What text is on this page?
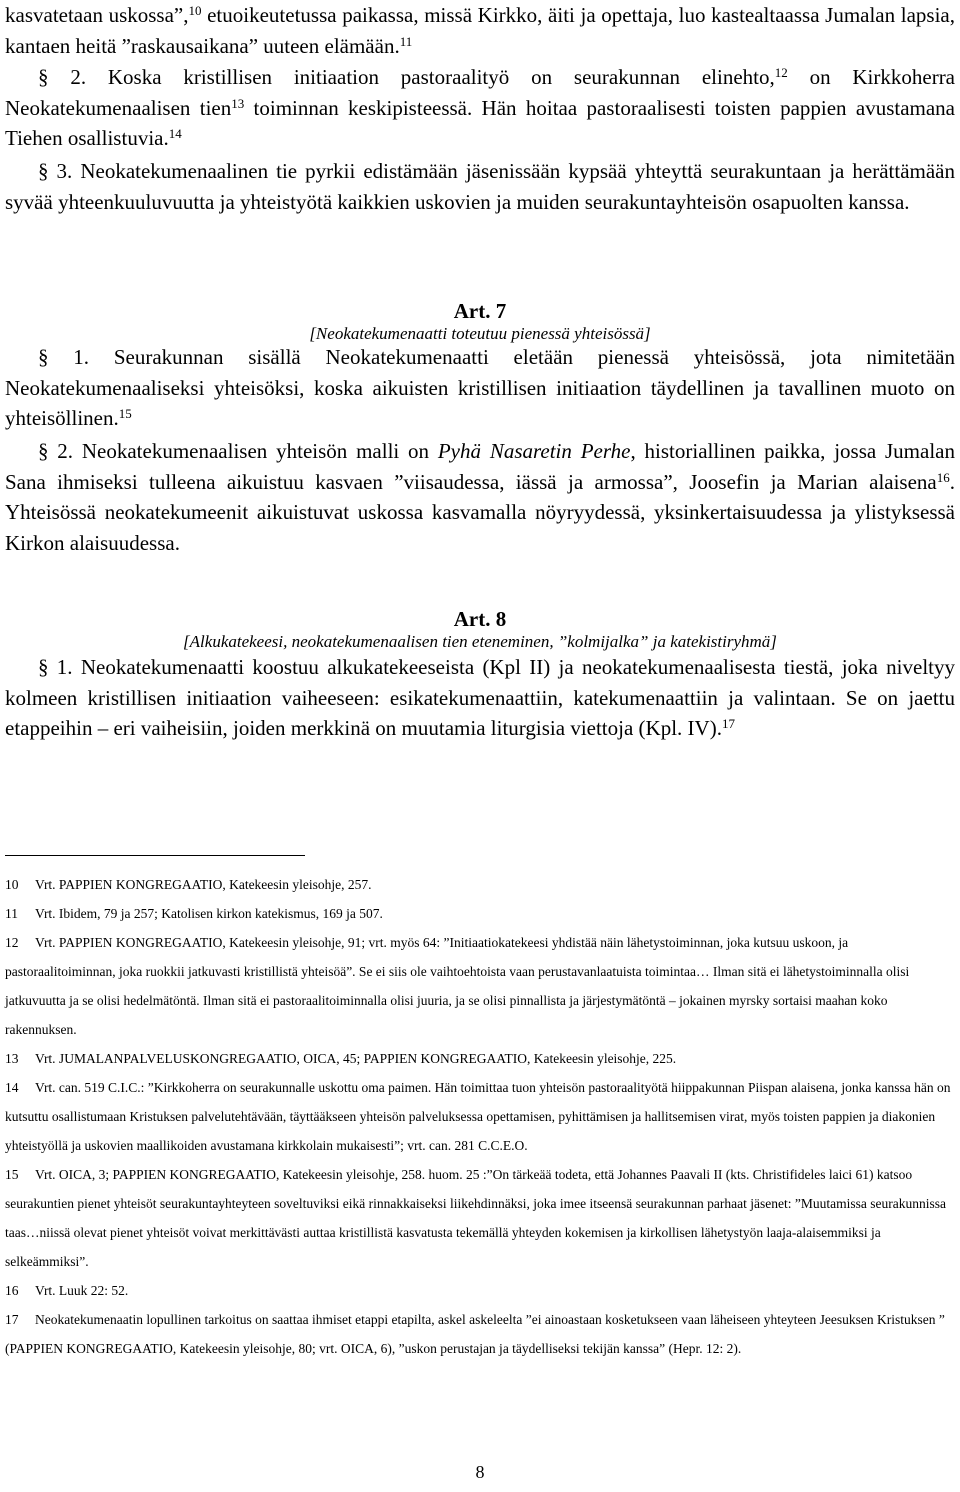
kasvatetaan uskossa”,$^{10}$ etuoikeutetussa paikassa, missä Kirkko, äiti ja opettaja, luo kastealtaassa Jumalan lapsia, kantaen heitä ”raskausaikana” uuteen elämään.$^{11}$

§ 2. Koska kristillisen initiaation pastoraalityö on seurakunnan elinehto,$^{12}$ on Kirkkoherra Neokatekumenaalisen tien$^{13}$ toiminnan keskipisteessä. Hän hoitaa pastoraalisesti toisten pappien avustamana Tiehen osallistuvia.$^{14}$

§ 3. Neokatekumenaalinen tie pyrkii edistämään jäsenissään kypsää yhteyttä seurakuntaan ja herättämään syvää yhteenkuuluvuutta ja yhteistyötä kaikkien uskovien ja muiden seurakuntayhteisön osapuolten kanssa.

Art. 7

[Neokatekumenaatti toteutuu pienessä yhteisössä]

§ 1. Seurakunnan sisällä Neokatekumenaatti eletään pienessä yhteisössä, jota nimitetään Neokatekumenaaliseksi yhteisöksi, koska aikuisten kristillisen initiaation täydellinen ja tavallinen muoto on yhteisöllinen.$^{15}$

§ 2. Neokatekumenaalisen yhteisön malli on Pyhä Nasaretin Perhe, historiallinen paikka, jossa Jumalan Sana ihmiseksi tulleena aikuistuu kasvaen ”viisaudessa, iässä ja armossa”, Joosefin ja Marian alaisena$^{16}$. Yhteisössä neokatekumeenit aikuistuvat uskossa kasvamalla nöyryydessä, yksinkertaisuudessa ja ylistyksessä Kirkon alaisuudessa.

Art. 8

[Alkukatekeesi, neokatekumenaalisen tien eteneminen, ”kolmijalka” ja katekistiryhmä]

§ 1. Neokatekumenaatti koostuu alkukatekeeseista (Kpl II) ja neokatekumenaalisesta tiestä, joka niveltyy kolmeen kristillisen initiaation vaiheeseen: esikatekumenaattiin, katekumenaattiin ja valintaan. Se on jaettu etappeihin – eri vaiheisiin, joiden merkkinä on muutamia liturgisia viettoja (Kpl. IV).$^{17}$

10 Vrt. PAPPIEN KONGREGAATIO, Katekeesin yleisohje, 257.

11 Vrt. Ibidem, 79 ja 257; Katolisen kirkon katekismus, 169 ja 507.

12 Vrt. PAPPIEN KONGREGAATIO, Katekeesin yleisohje, 91; vrt. myös 64: ”Initiaatiokatekeesi yhdistää näin lähetystoiminnan, joka kutsuu uskoon, ja pastoraalitoiminnan, joka ruokkii jatkuvasti kristillistä yhteisöä”. Se ei siis ole vaihtoehtoista vaan perustavanlaatuista toimintaa… Ilman sitä ei lähetystoiminnalla olisi jatkuvuutta ja se olisi hedelmätöntä. Ilman sitä ei pastoraalitoiminnalla olisi juuria, ja se olisi pinnallista ja järjestymätöntä – jokainen myrsky sortaisi maahan koko rakennuksen.

13 Vrt. JUMALANPALVELUSKONGREGAATIO, OICA, 45; PAPPIEN KONGREGAATIO, Katekeesin yleisohje, 225.

14 Vrt. can. 519 C.I.C.: ”Kirkkoherra on seurakunnalle uskottu oma paimen. Hän toimittaa tuon yhteisön pastoraalityötä hiippakunnan Piispan alaisena, jonka kanssa hän on kutsuttu osallistumaan Kristuksen palvelutehtävään, täyttääkseen yhteisön palveluksessa opettamisen, pyhittämisen ja hallitsemisen virat, myös toisten pappien ja diakonien yhteistyöllä ja uskovien maallikoiden avustamana kirkkolain mukaisesti”; vrt. can. 281 C.C.E.O.

15 Vrt. OICA, 3; PAPPIEN KONGREGAATIO, Katekeesin yleisohje, 258. huom. 25 :”On tärkeää todeta, että Johannes Paavali II (kts. Christifideles laici 61) katsoo seurakuntien pienet yhteisöt seurakuntayhteyteen soveltuviksi eikä rinnakkaiseksi liikehdinnäksi, joka imee itseensä seurakunnan parhaat jäsenet: ”Muutamissa seurakunnissa taas…niissä olevat pienet yhteisöt voivat merkittävästi auttaa kristillistä kasvatusta tekemällä yhteyden kokemisen ja kirkollisen lähetystyön laaja-alaisemmiksi ja selkeämmiksi”.

16 Vrt. Luuk 22: 52.

17 Neokatekumenaatin lopullinen tarkoitus on saattaa ihmiset etappi etapilta, askel askeleelta ”ei ainoastaan kosketukseen vaan läheiseen yhteyteen Jeesuksen Kristuksen ” (PAPPIEN KONGREGAATIO, Katekeesin yleisohje, 80; vrt. OICA, 6), ”uskon perustajan ja täydelliseksi tekijän kanssa” (Hepr. 12: 2).

8
